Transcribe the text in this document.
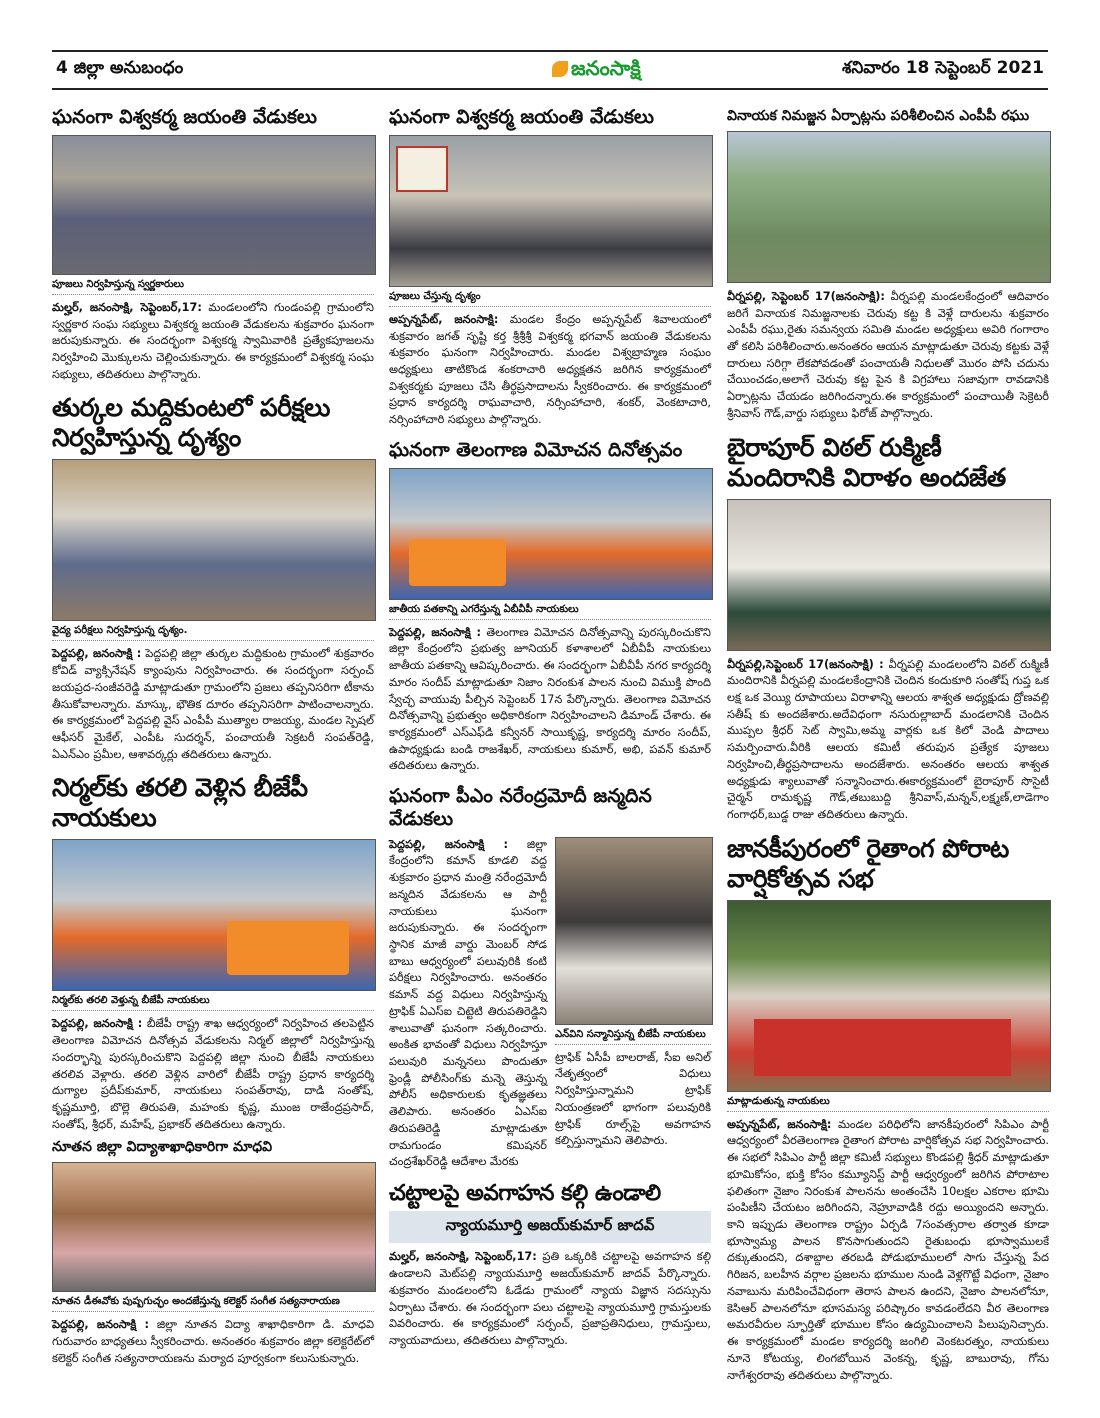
4 జిల్లా అనుబంధం	జనంసాక్షి	శనివారం 18 సెప్టెంబర్ 2021
ఘనంగా విశ్వకర్మ జయంతి వేడుకలు
పూజలు నిర్వహిస్తున్న స్వర్ణకారులు

మల్హర్, జనంసాక్షి, సెప్టెంబర్,17: మండలంలోని గుండంపల్లి గ్రామంలోని స్వర్ణకార సంఘ సభ్యులు విశ్వకర్మ జయంతి వేడుకలను శుక్రవారం ఘనంగా జరుపుకున్నారు. ఈ సందర్భంగా విశ్వకర్మ స్వామివారికి ప్రత్యేకపూజలను నిర్వహించి మొక్కులను చెల్లించుకున్నారు. ఈ కార్యక్రమంలో విశ్వకర్మ సంఘ సభ్యులు, తదితరులు పాల్గొన్నారు.

తుర్కల మద్దికుంటలో పరీక్షలు నిర్వహిస్తున్న దృశ్యం
వైద్య పరీక్షలు నిర్వహిస్తున్న దృశ్యం.

పెద్దపల్లి, జనంసాక్షి : పెద్దపల్లి జిల్లా తుర్కల మద్దికుంట గ్రామంలో శుక్రవారం కోవిడ్ వ్యాక్సినేషన్ క్యాంపును నిర్వహించారు. ఈ సందర్భంగా సర్పంచ్ జయప్రద-సంజీవరెడ్డి మాట్లాడుతూ గ్రామంలోని ప్రజలు తప్పనిసరిగా టీకాను తీసుకోవాలన్నారు. మాస్కు, భౌతిక దూరం తప్పనిసరిగా పాటించాలన్నారు. ఈ కార్యక్రమంలో పెద్దపల్లి వైస్ ఎంపీపీ ముత్యాల రాజయ్య, మండల స్పెషల్ ఆఫీసర్ మైకేల్, ఎంపీఓ సుదర్శన్, పంచాయతీ సెక్రటరీ సంపత్‌రెడ్డి, ఏఎన్ఎం ప్రమీల, ఆశావర్కర్లు తదితరులు ఉన్నారు.

నిర్మల్‌కు తరలి వెళ్లిన బీజేపీ నాయకులు
నిర్మల్‌కు తరలి వెళ్తున్న బీజేపీ నాయకులు

పెద్దపల్లి, జనంసాక్షి : బీజేపీ రాష్ట్ర శాఖ ఆధ్వర్యంలో నిర్వహించ తలపెట్టిన తెలంగాణ విమోచన దినోత్సవ వేడుకలను నిర్మల్ జిల్లాలో నిర్వహిస్తున్న సందర్భాన్ని పురస్కరించుకొని పెద్దపల్లి జిల్లా నుంచి బీజేపీ నాయకులు తరలివ వెళ్లారు. తరలి వెళ్లిన వారిలో బీజేపీ రాష్ట్ర ప్రధాన కార్యదర్శి దుగ్యాల ప్రదీప్‌కుమార్, నాయకులు సంపత్‌రావు, దాడి సంతోష్, కృష్ణమూర్తి, బొల్లె తిరుపతి, మహంకు కృష్ణ, ముంజ రాజేంద్రప్రసాద్, సంతోష్, శ్రీధర్, మహేష్, ప్రభాకర్ తదితరులు ఉన్నారు.

నూతన జిల్లా విద్యాశాఖాధికారిగా మాధవి
నూతన డీఈవోకు పుష్పగుచ్ఛం అందజేస్తున్న కలెక్టర్ సంగీత సత్యనారాయణ

పెద్దపల్లి, జనంసాక్షి : జిల్లా నూతన విద్యా శాఖాధికారిగా డి. మాధవి గురువారం బాధ్యతలు స్వీకరించారు. అనంతరం శుక్రవారం జిల్లా కలెక్టరేట్‌లో కలెక్టర్ సంగీత సత్యనారాయణను మర్యాద పూర్వకంగా కలుసుకున్నారు.

ఘనంగా విశ్వకర్మ జయంతి వేడుకలు
పూజలు చేస్తున్న దృశ్యం

అప్పన్నపేట్, జనంసాక్షి: మండల కేంద్రం అప్పన్నపేట్ శివాలయంలో శుక్రవారం జగత్ సృష్టి కర్త శ్రీశ్రీశ్రీ విశ్వకర్మ భగవాన్ జయంతి వేడుకలను శుక్రవారం ఘనంగా నిర్వహించారు. మండల విశ్వబ్రాహ్మణ సంఘం అధ్యక్షులు తాటికొండ శంకరాచారి అధ్యక్షతన జరిగిన కార్యక్రమంలో విశ్వకర్మకు పూజలు చేసి తీర్థప్రసాదాలను స్వీకరించారు. ఈ కార్యక్రమంలో ప్రధాన కార్యదర్శి రాఘవాచారి, నర్సింహాచారి, శంకర్, వెంకటాచారి, నర్సింహాచారి సభ్యులు పాల్గొన్నారు.

ఘనంగా తెలంగాణ విమోచన దినోత్సవం
జాతీయ పతకాన్ని ఎగరేస్తున్న ఏబీవీపీ నాయకులు

పెద్దపల్లి, జనంసాక్షి : తెలంగాణ విమోచన దినోత్సవాన్ని పురస్కరించుకొని జిల్లా కేంద్రంలోని ప్రభుత్వ జూనియర్ కళాశాలలో ఏబీవీపీ నాయకులు జాతీయ పతకాన్ని ఆవిష్కరించారు. ఈ సందర్భంగా ఏబీవీపీ నగర కార్యదర్శి మారం సందీప్ మాట్లాడుతూ నిజాం నిరంకుశ పాలన నుంచి విముక్తి పొంది స్వేచ్ఛ వాయువు పీల్చిన సెప్టెంబర్ 17న పేర్కొన్నారు. తెలంగాణ విమోచన దినోత్సవాన్ని ప్రభుత్వం అధికారికంగా నిర్వహించాలని డిమాండ్ చేశారు. ఈ కార్యక్రమంలో ఎస్ఎఫ్‌డి కన్వీనర్ సాయికృష్ణ, కార్యదర్శి మారం సందీప్, ఉపాధ్యక్షుడు బండి రాజశేఖర్, నాయకులు కుమార్, అభి, పవన్ కుమార్ తదితరులు ఉన్నారు.

ఘనంగా పీఎం నరేంద్రమోదీ జన్మదిన వేడుకలు

పెద్దపల్లి, జనంసాక్షి : జిల్లా కేంద్రంలోని కమాన్ కూడలి వద్ద శుక్రవారం ప్రధాన మంత్రి నరేంద్రమోదీ జన్మదిన వేడుకలను ఆ పార్టీ నాయకులు ఘనంగా జరుపుకున్నారు. ఈ సందర్భంగా స్థానిక మాజీ వార్డు మెంబర్ సోడ బాబు ఆధ్వర్యంలో పలువురికి కంటి పరీక్షలు నిర్వహించారు. అనంతరం కమాన్ వద్ద విధులు నిర్వహిస్తున్న ట్రాఫిక్ ఏఎస్ఐ చిట్టెటి తిరుపతిరెడ్డిని శాలువాతో ఘనంగా సత్కరించారు. అంకిత భావంతో విధులు నిర్వహిస్తూ పలువురి మన్ననలు పొందుతూ ఫ్రెండ్లీ పోలీసింగ్‌కు మన్నె తెస్తున్న పోలీస్ అధికారులకు కృతజ్ఞతలు తెలిపారు. అనంతరం ఏఎస్ఐ తిరుపతిరెడ్డి మాట్లాడుతూ రామగుండం కమిషనర్ చంద్రశేఖర్‌రెడ్డి ఆదేశాల మేరకు

ఎన్‌విని సన్మానిస్తున్న బీజేపీ నాయకులు

ట్రాఫిక్ ఏసీపీ బాలరాజ్, సీఐ అనిల్ నేతృత్వంలో విధులు నిర్వహిస్తున్నామని ట్రాఫిక్ నియంత్రణలో భాగంగా పలువురికి ట్రాఫిక్ రూల్స్‌పై అవగాహన కల్పిస్తున్నామని తెలిపారు.

చట్టాలపై అవగాహన కల్గి ఉండాలి
న్యాయమూర్తి అజయ్‌కుమార్ జాదవ్

మల్హర్, జనంసాక్షి, సెప్టెంబర్,17: ప్రతి ఒక్కరికి చట్టాలపై అవగాహన కల్గి ఉండాలని మెట్‌పల్లి న్యాయమూర్తి అజయ్‌కుమార్ జాదవ్ పేర్కొన్నారు. శుక్రవారం మండలంలోని ఓడేడు గ్రామంలో న్యాయ విజ్ఞాన సదస్సును ఏర్పాటు చేశారు. ఈ సందర్భంగా పలు చట్టాలపై న్యాయమూర్తి గ్రామస్తులకు వివరించారు. ఈ కార్యక్రమంలో సర్పంచ్, ప్రజాప్రతినిధులు, గ్రామస్తులు, న్యాయవాదులు, తదితరులు పాల్గొన్నారు.

వినాయక నిమజ్జన ఏర్పాట్లను పరిశీలించిన ఎంపీపీ రఘు

వీర్నపల్లి, సెప్టెంబర్ 17(జనంసాక్షి): వీర్నపల్లి మండలకేంద్రంలో ఆదివారం జరిగే వినాయక నిమజ్జనాలకు చెరువు కట్ట కి వెళ్లే దారులను శుక్రవారం ఎంపీపీ రఘు,రైతు సమన్వయ సమితి మండల అధ్యక్షులు అవిరి గంగారాం తో కలిసి పరిశీలించారు.అనంతరం ఆయన మాట్లాడుతూ చెరువు కట్టకు వెళ్లే దారులు సరిగ్గా లేకపోవడంతో పంచాయతీ నిధులతో మొరం పోసి చదును చేయించడం,అలాగే చెరువు కట్ట పైన కి విగ్రహాలు సజావుగా రావడానికి ఏర్పాట్లను చేయడం జరిగిందన్నారు.ఈ కార్యక్రమంలో పంచాయితీ సెక్రెటరీ శ్రీనివాస్ గౌడ్,వార్డు సభ్యులు ఫిరోజ్ పాల్గొన్నారు.

బైరాపూర్ విఠల్ రుక్మిణీ మందిరానికి విరాళం అందజేత

వీర్నపల్లి,సెప్టెంబర్ 17(జనంసాక్షి) : వీర్నపల్లి మండలంలోని విఠల్ రుక్మిణీ మందిరానికి వీర్నపల్లి మండలకేంద్రానికి చెందిన కందుకూరి సంతోష్ గుప్త ఒక లక్ష ఒక వెయ్యి రూపాయలు విరాళాన్ని ఆలయ శాశ్వత అధ్యక్షుడు ద్రోణవల్లి సతీష్ కు అందజేశారు.అదేవిధంగా నసురుల్లాబాద్ మండలానికి చెందిన ముప్పల శ్రీధర్ సెట్ స్వామి,అమ్మ వార్లకు ఒక కిలో వెండి పాదాలు సమర్పించారు.వీరికి ఆలయ కమిటీ తరుపున ప్రత్యేక పూజలు నిర్వహించి,తీర్థప్రసాదాలను అందజేశారు. అనంతరం ఆలయ శాశ్వత అధ్యక్షుడు శ్యాలువాతో సన్మానించారు.ఈకార్యక్రమంలో బైరాపూర్ సొసైటీ చైర్మన్ రామకృష్ణ గౌడ్,తబుబుద్ది శ్రీనివాస్,మన్నన్,లక్ష్మణ్,లాడెగాం గంగాధర్,బుడ్డ రాజు తదితరులు ఉన్నారు.

జానకీపురంలో రైతాంగ పోరాట వార్షికోత్సవ సభ
మాట్లాడుతున్న నాయకులు

అప్పన్నపేట్, జనంసాక్షి: మండల పరిధిలోని జానకీపురంలో సిపిఎం పార్టీ ఆధ్వర్యంలో వీరతెలంగాణ రైతాంగ పోరాట వార్షికోత్సవ సభ నిర్వహించారు. ఈ సభలో సిపిఎం పార్టీ జిల్లా కమిటీ సభ్యులు కొండపల్లి శ్రీధర్ మాట్లాడుతూ భూమికోసం, భుక్తి కోసం కమ్యూనిస్ట్ పార్టీ ఆధ్వర్యంలో జరిగిన పోరాటాల ఫలితంగా నైజాం నిరంకుశ పాలనను అంతంచేసి 10లక్షల ఎకరాల భూమి పంపిణీని చేయటం జరిగిందని, నెహ్రూవాడికి రద్దు అయ్యిందని అన్నారు. కాని ఇప్పుడు తెలంగాణ రాష్ట్రం ఏర్పడి 7సంవత్సరాల తర్వాత కూడా భూస్వామ్య పాలన కొనసాగుతుందని రైతుబంధు భూస్వాములకే దక్కుతుందని, దశాబ్దాల తరబడి పోడుభూములలో సాగు చేస్తున్న పేద గిరిజన, బలహీన వర్గాల ప్రజలను భూముల నుండి వెళ్లగొట్టే విధంగా, నైజాం నవాబును మరిపించేవిధంగా తెరాస పాలన ఉందని, నైజాం పాలనలోనూ, కెసిఆర్ పాలనలోనూ భూసమస్య పరిష్కారం కావడంలేదని వీర తెలంగాణ అమరవీరుల స్ఫూర్తితో భూముల కోసం ఉద్యమించాలని పిలుపునిచ్చారు. ఈ కార్యక్రమంలో మండల కార్యదర్శి జంగిలి వెంకటరత్నం, నాయకులు నూనె కోటయ్య, లింగబోయిన వెంకన్న, కృష్ణ, బాబురావు, గోను నాగేశ్వరరావు తదితరులు పాల్గొన్నారు.
